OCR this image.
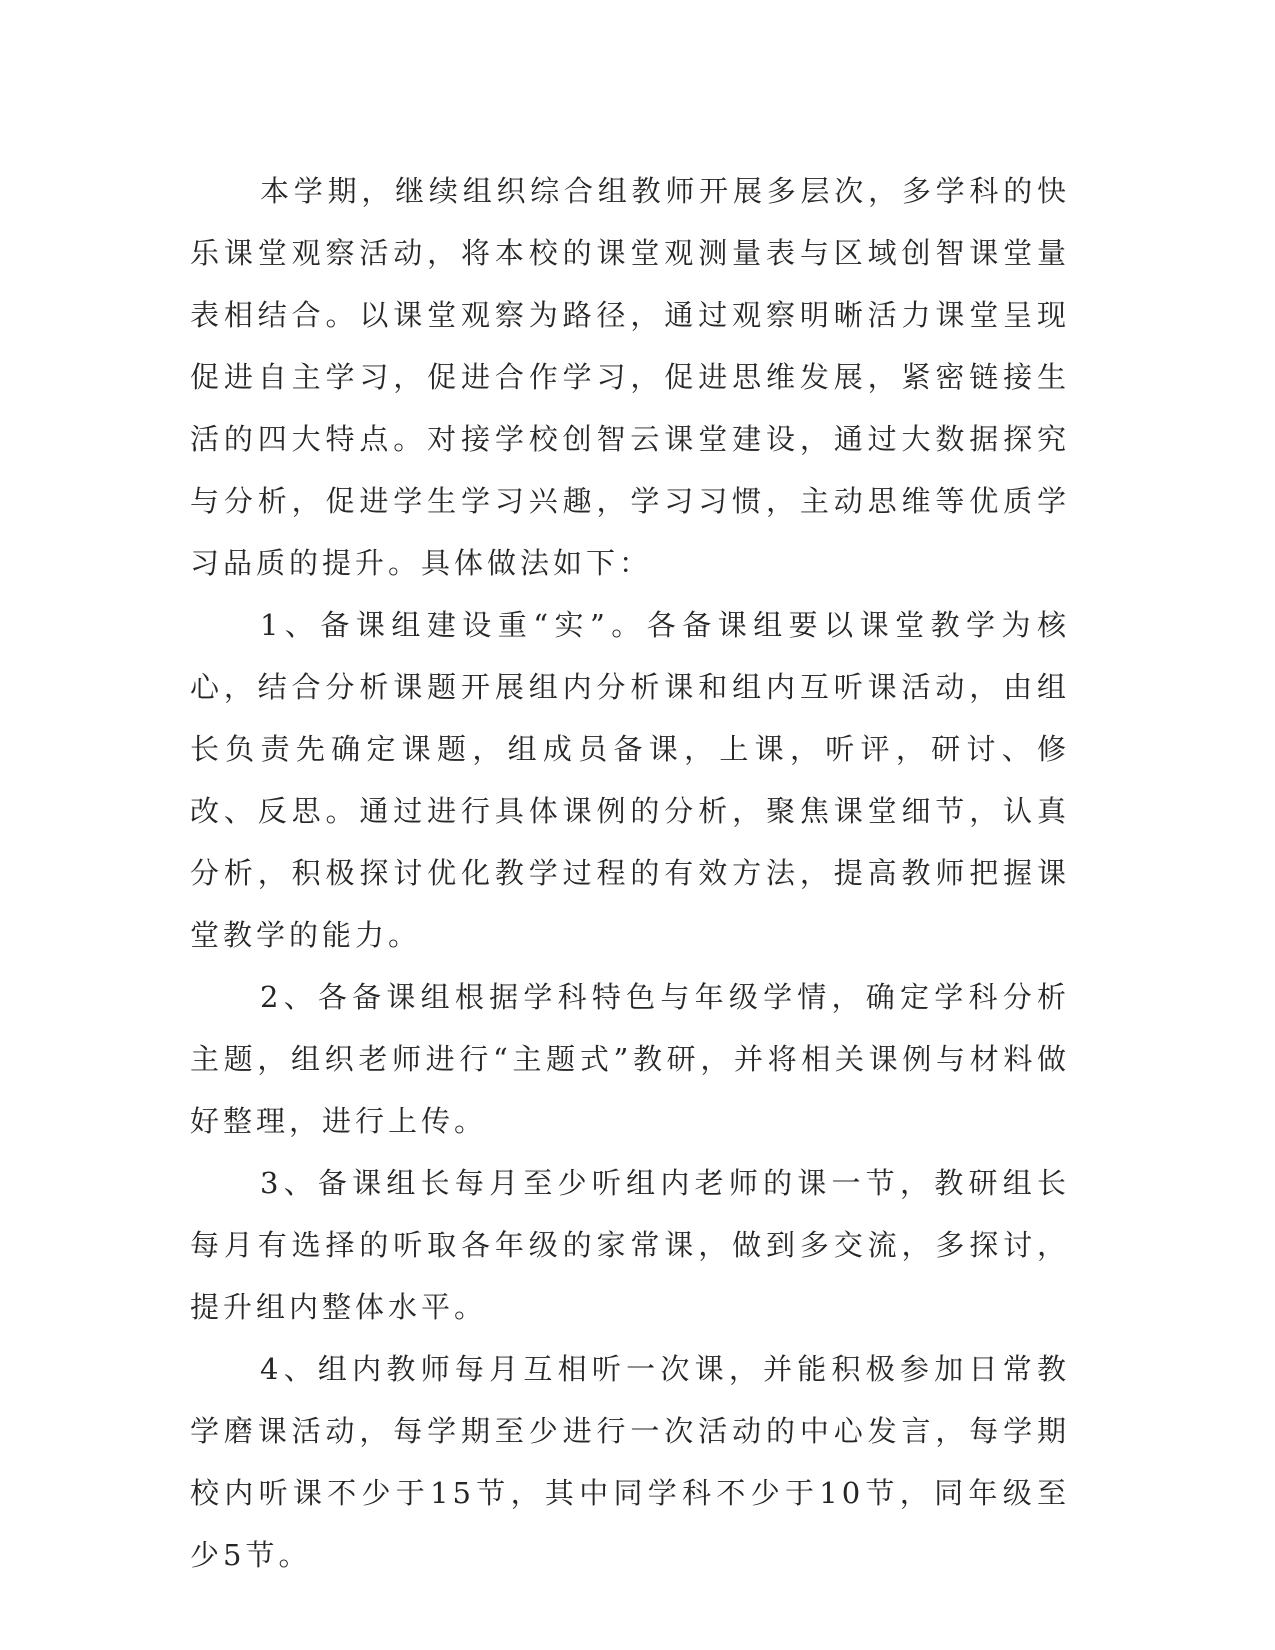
本学期，继续组织综合组教师开展多层次，多学科的快乐课堂观察活动，将本校的课堂观测量表与区域创智课堂量表相结合。以课堂观察为路径，通过观察明晰活力课堂呈现促进自主学习，促进合作学习，促进思维发展，紧密链接生活的四大特点。对接学校创智云课堂建设，通过大数据探究与分析，促进学生学习兴趣，学习习惯，主动思维等优质学习品质的提升。具体做法如下：

1、备课组建设重“实”。各备课组要以课堂教学为核心，结合分析课题开展组内分析课和组内互听课活动，由组长负责先确定课题，组成员备课，上课，听评，研讨、修改、反思。通过进行具体课例的分析，聚焦课堂细节，认真分析，积极探讨优化教学过程的有效方法，提高教师把握课堂教学的能力。

2、各备课组根据学科特色与年级学情，确定学科分析主题，组织老师进行“主题式”教研，并将相关课例与材料做好整理，进行上传。

3、备课组长每月至少听组内老师的课一节，教研组长每月有选择的听取各年级的家常课，做到多交流，多探讨，提升组内整体水平。

4、组内教师每月互相听一次课，并能积极参加日常教学磨课活动，每学期至少进行一次活动的中心发言，每学期校内听课不少于15节，其中同学科不少于10节，同年级至少5节。
